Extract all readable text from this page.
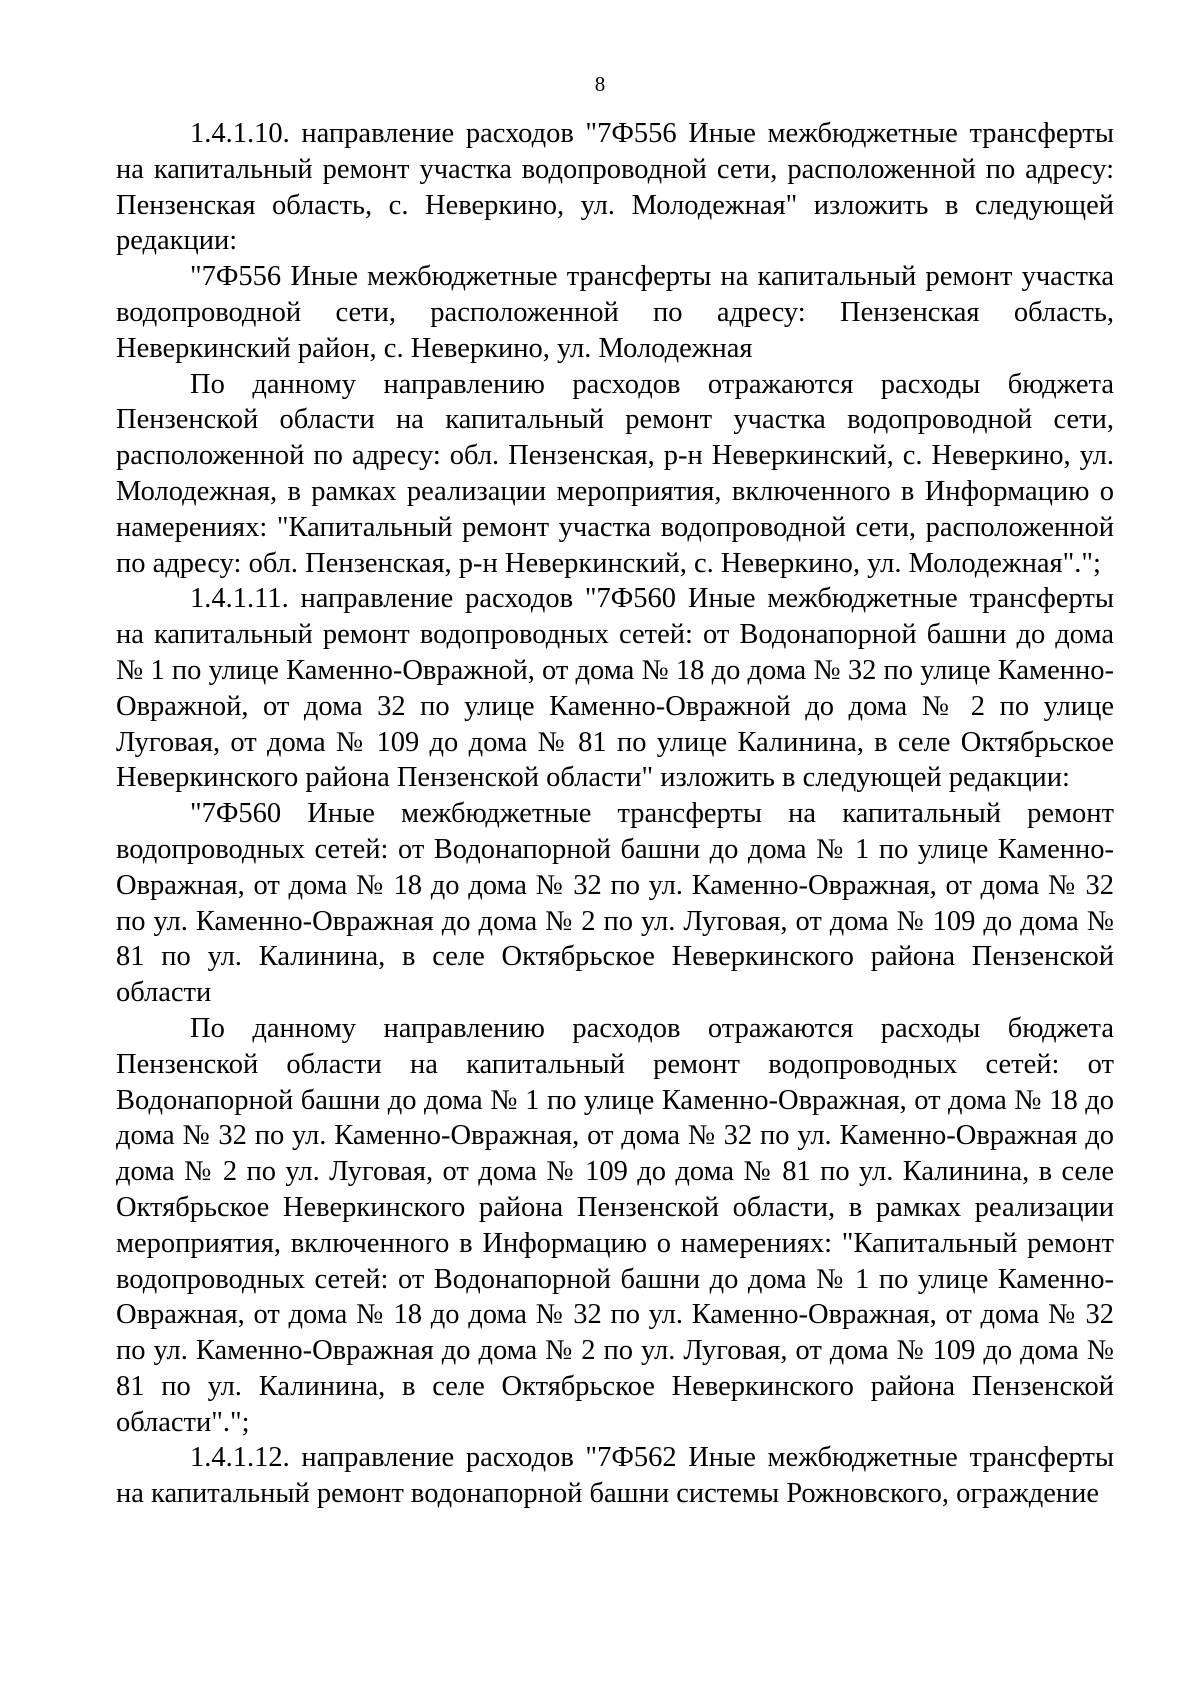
8

1.4.1.10. направление расходов "7Ф556 Иные межбюджетные трансферты на капитальный ремонт участка водопроводной сети, расположенной по адресу: Пензенская область, с. Неверкино, ул. Молодежная" изложить в следующей редакции:

"7Ф556 Иные межбюджетные трансферты на капитальный ремонт участка водопроводной сети, расположенной по адресу: Пензенская область, Неверкинский район, с. Неверкино, ул. Молодежная

По данному направлению расходов отражаются расходы бюджета Пензенской области на капитальный ремонт участка водопроводной сети, расположенной по адресу: обл. Пензенская, р-н Неверкинский, с. Неверкино, ул. Молодежная, в рамках реализации мероприятия, включенного в Информацию о намерениях: "Капитальный ремонт участка водопроводной сети, расположенной по адресу: обл. Пензенская, р-н Неверкинский, с. Неверкино, ул. Молодежная".";

1.4.1.11. направление расходов "7Ф560 Иные межбюджетные трансферты на капитальный ремонт водопроводных сетей: от Водонапорной башни до дома № 1 по улице Каменно-Овражной, от дома № 18 до дома № 32 по улице Каменно-Овражной, от дома 32 по улице Каменно-Овражной до дома № 2 по улице Луговая, от дома № 109 до дома № 81 по улице Калинина, в селе Октябрьское Неверкинского района Пензенской области" изложить в следующей редакции:

"7Ф560 Иные межбюджетные трансферты на капитальный ремонт водопроводных сетей: от Водонапорной башни до дома № 1 по улице Каменно-Овражная, от дома № 18 до дома № 32 по ул. Каменно-Овражная, от дома № 32 по ул. Каменно-Овражная до дома № 2 по ул. Луговая, от дома № 109 до дома № 81 по ул. Калинина, в селе Октябрьское Неверкинского района Пензенской области

По данному направлению расходов отражаются расходы бюджета Пензенской области на капитальный ремонт водопроводных сетей: от Водонапорной башни до дома № 1 по улице Каменно-Овражная, от дома № 18 до дома № 32 по ул. Каменно-Овражная, от дома № 32 по ул. Каменно-Овражная до дома № 2 по ул. Луговая, от дома № 109 до дома № 81 по ул. Калинина, в селе Октябрьское Неверкинского района Пензенской области, в рамках реализации мероприятия, включенного в Информацию о намерениях: "Капитальный ремонт водопроводных сетей: от Водонапорной башни до дома № 1 по улице Каменно-Овражная, от дома № 18 до дома № 32 по ул. Каменно-Овражная, от дома № 32 по ул. Каменно-Овражная до дома № 2 по ул. Луговая, от дома № 109 до дома № 81 по ул. Калинина, в селе Октябрьское Неверкинского района Пензенской области".";

1.4.1.12. направление расходов "7Ф562 Иные межбюджетные трансферты на капитальный ремонт водонапорной башни системы Рожновского, ограждение
